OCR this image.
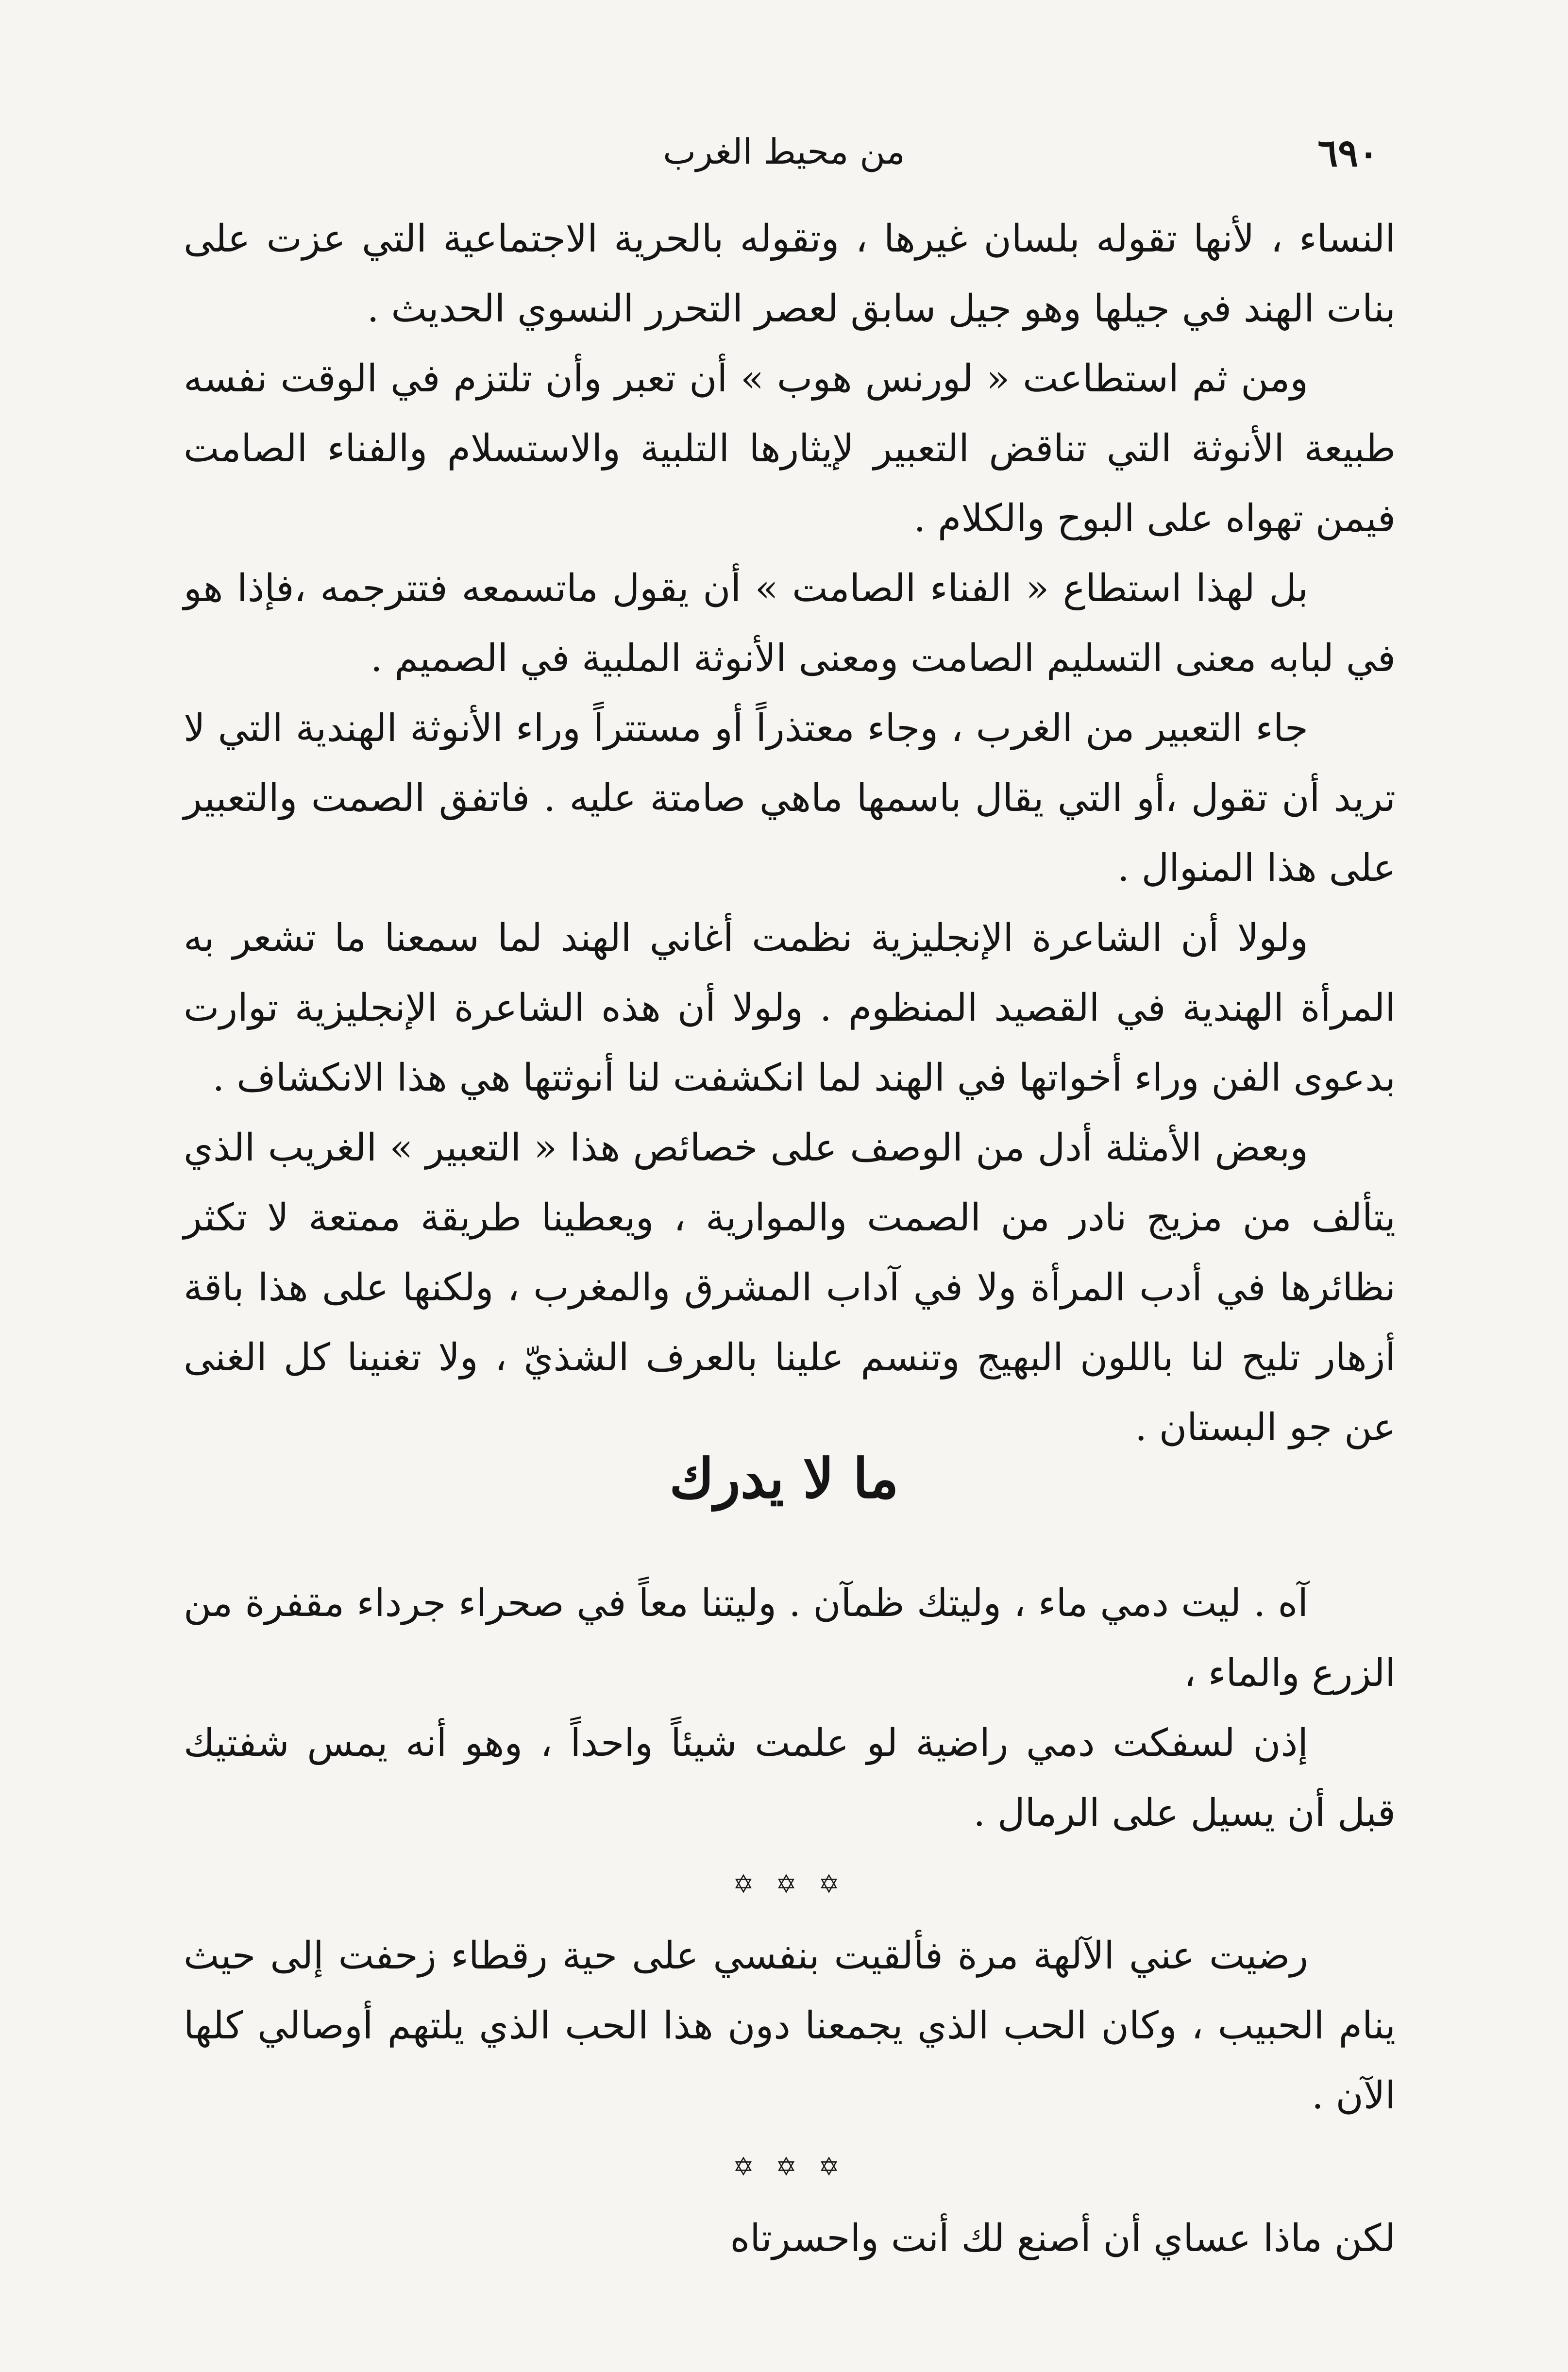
٦٩٠
من محيط الغرب

النساء ، لأنها تقوله بلسان غيرها ، وتقوله بالحرية الاجتماعية التي عزت على بنات الهند في جيلها وهو جيل سابق لعصر التحرر النسوي الحديث .

ومن ثم استطاعت « لورنس هوب » أن تعبر وأن تلتزم في الوقت نفسه طبيعة الأنوثة التي تناقض التعبير لإيثارها التلبية والاستسلام والفناء الصامت فيمن تهواه على البوح والكلام .

بل لهذا استطاع « الفناء الصامت » أن يقول ماتسمعه فتترجمه ،فإذا هو في لبابه معنى التسليم الصامت ومعنى الأنوثة الملبية في الصميم .

جاء التعبير من الغرب ، وجاء معتذراً أو مستتراً وراء الأنوثة الهندية التي لا تريد أن تقول ،أو التي يقال باسمها ماهي صامتة عليه . فاتفق الصمت والتعبير على هذا المنوال .

ولولا أن الشاعرة الإنجليزية نظمت أغاني الهند لما سمعنا ما تشعر به المرأة الهندية في القصيد المنظوم . ولولا أن هذه الشاعرة الإنجليزية توارت بدعوى الفن وراء أخواتها في الهند لما انكشفت لنا أنوثتها هي هذا الانكشاف .

وبعض الأمثلة أدل من الوصف على خصائص هذا « التعبير » الغريب الذي يتألف من مزيج نادر من الصمت والموارية ، ويعطينا طريقة ممتعة لا تكثر نظائرها في أدب المرأة ولا في آداب المشرق والمغرب ، ولكنها على هذا باقة أزهار تليح لنا باللون البهيج وتنسم علينا بالعرف الشذيّ ، ولا تغنينا كل الغنى عن جو البستان .

ما لا يدرك

آه . ليت دمي ماء ، وليتك ظمآن . وليتنا معاً في صحراء جرداء مقفرة من الزرع والماء ،

إذن لسفكت دمي راضية لو علمت شيئاً واحداً ، وهو أنه يمس شفتيك قبل أن يسيل على الرمال .

✡ ✡ ✡

رضيت عني الآلهة مرة فألقيت بنفسي على حية رقطاء زحفت إلى حيث ينام الحبيب ، وكان الحب الذي يجمعنا دون هذا الحب الذي يلتهم أوصالي كلها الآن .

✡ ✡ ✡

لكن ماذا عساي أن أصنع لك أنت واحسرتاه
